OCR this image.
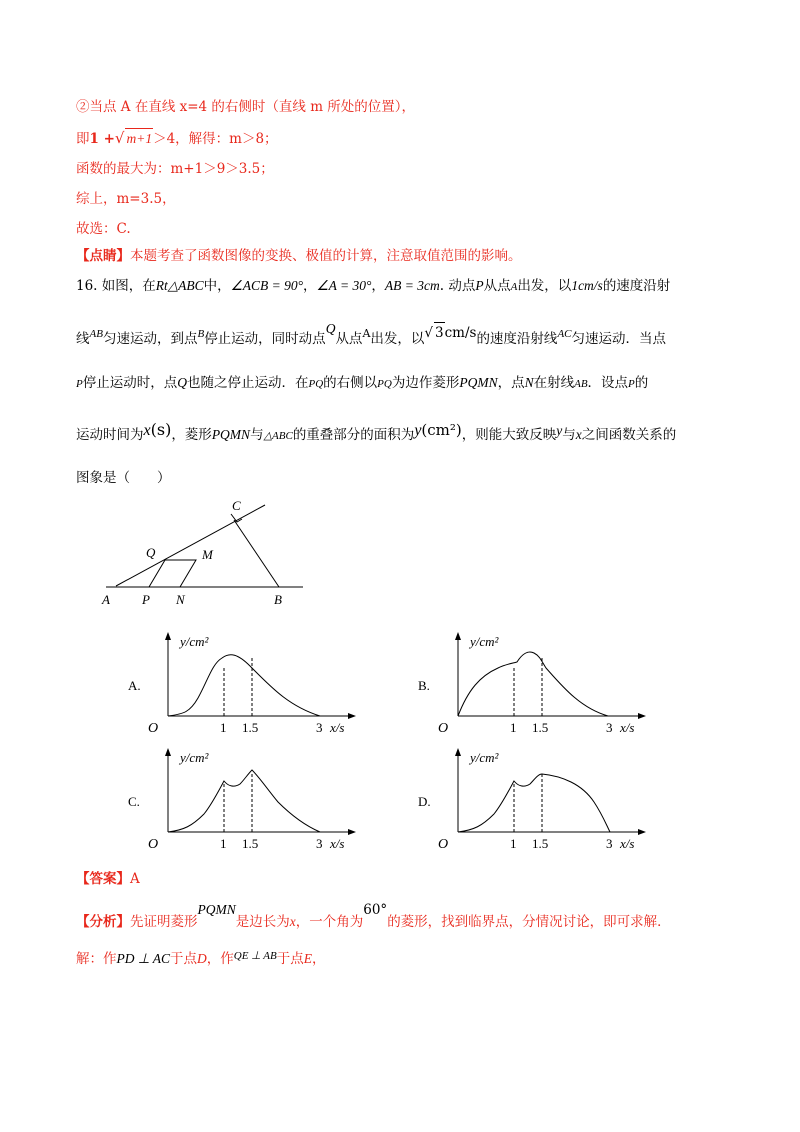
②当点 A 在直线 x=4 的右侧时（直线 m 所处的位置），
即1 +√ m+1＞4，解得：m＞8；
函数的最大为：m+1＞9＞3.5；
综上，m=3.5，
故选：C.
【点睛】本题考查了函数图像的变换、极值的计算，注意取值范围的影响。
16. 如图，在Rt△ABC中，∠ACB = 90°，∠A = 30°，AB = 3cm. 动点P从点A出发，以1cm/s的速度沿射
线$^{AB}$匀速运动，到点$^B$停止运动，同时动点Q从点$^A$出发，以√ 3cm/s的速度沿射线$^{AC}$匀速运动．当点
P停止运动时，点Q也随之停止运动．在PQ的右侧以PQ为边作菱形PQMN，点N在射线AB．设点P的
运动时间为x(s)，菱形PQMN与△ABC的重叠部分的面积为y(cm²)，则能大致反映y与x之间函数关系的
图象是（　　）
A P N	B
Q	M
C
A.
y/cm²
O	1 1.5	3 x/s
B.
y/cm²
O	1 1.5	3 x/s
C.
y/cm²
O	1 1.5	3 x/s
D.
y/cm²
O	1 1.5	3 x/s
【答案】A
【分析】先证明菱形PQMN是边长为x，一个角为60°的菱形，找到临界点，分情况讨论，即可求解．
解：作PD ⊥ AC于点D，作$^{QE \perp AB}$于点E，
